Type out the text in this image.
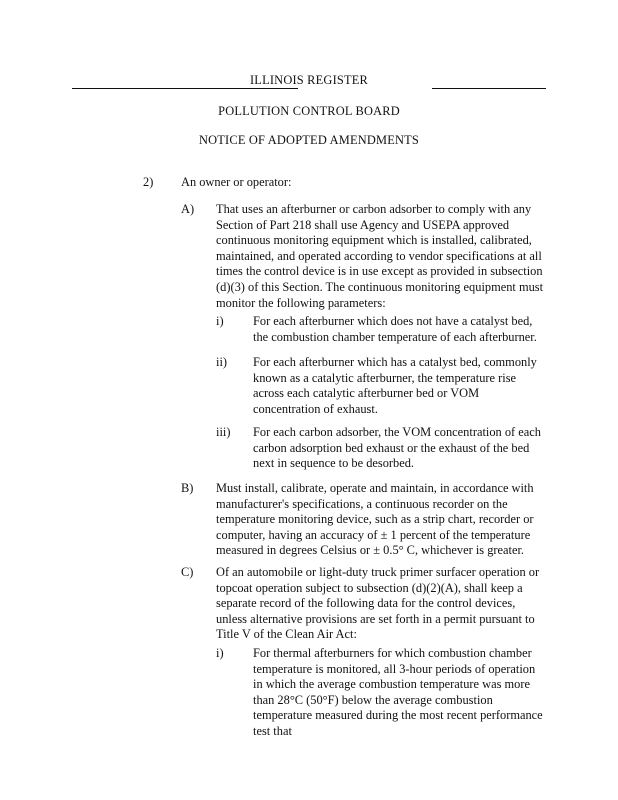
ILLINOIS REGISTER
POLLUTION CONTROL BOARD
NOTICE OF ADOPTED AMENDMENTS
2) An owner or operator:
A) That uses an afterburner or carbon adsorber to comply with any Section of Part 218 shall use Agency and USEPA approved continuous monitoring equipment which is installed, calibrated, maintained, and operated according to vendor specifications at all times the control device is in use except as provided in subsection (d)(3) of this Section. The continuous monitoring equipment must monitor the following parameters:

i) For each afterburner which does not have a catalyst bed, the combustion chamber temperature of each afterburner.

ii) For each afterburner which has a catalyst bed, commonly known as a catalytic afterburner, the temperature rise across each catalytic afterburner bed or VOM concentration of exhaust.

iii) For each carbon adsorber, the VOM concentration of each carbon adsorption bed exhaust or the exhaust of the bed next in sequence to be desorbed.

B) Must install, calibrate, operate and maintain, in accordance with manufacturer's specifications, a continuous recorder on the temperature monitoring device, such as a strip chart, recorder or computer, having an accuracy of ± 1 percent of the temperature measured in degrees Celsius or ± 0.5° C, whichever is greater.

C) Of an automobile or light-duty truck primer surfacer operation or topcoat operation subject to subsection (d)(2)(A), shall keep a separate record of the following data for the control devices, unless alternative provisions are set forth in a permit pursuant to Title V of the Clean Air Act:

i) For thermal afterburners for which combustion chamber temperature is monitored, all 3-hour periods of operation in which the average combustion temperature was more than 28°C (50°F) below the average combustion temperature measured during the most recent performance test that
